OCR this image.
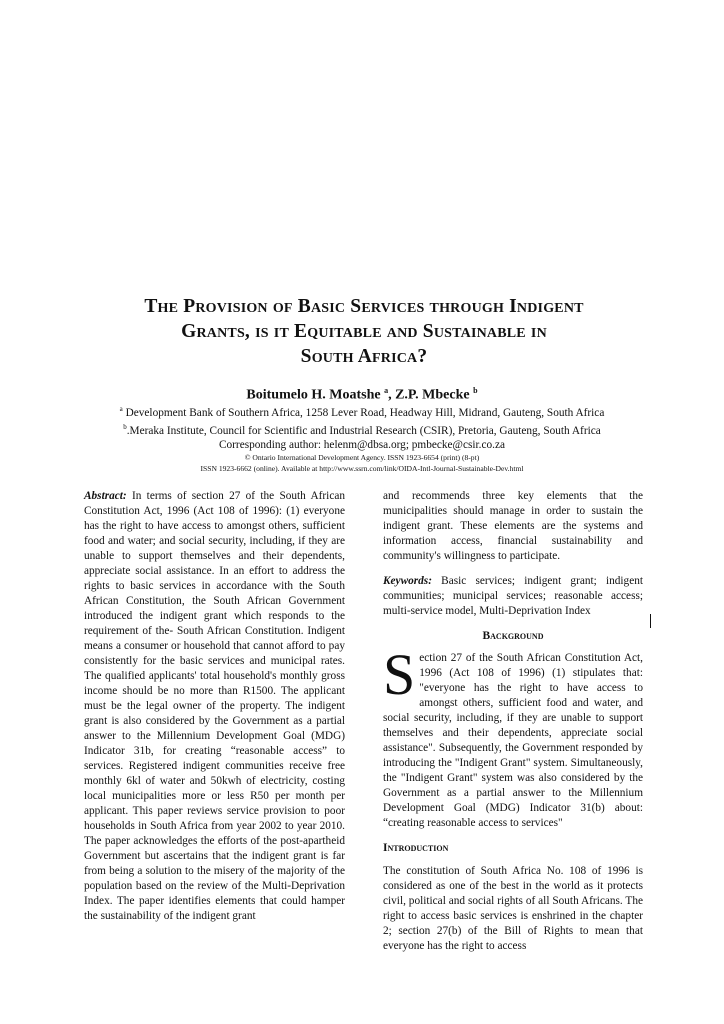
The Provision of Basic Services through Indigent
Grants, is it Equitable and Sustainable in
South Africa?
Boitumelo H. Moatshe $^a$, Z.P. Mbecke $^b$
$^a$ Development Bank of Southern Africa, 1258 Lever Road, Headway Hill, Midrand, Gauteng, South Africa
$^b$.Meraka Institute, Council for Scientific and Industrial Research (CSIR), Pretoria, Gauteng, South Africa
Corresponding author: helenm@dbsa.org; pmbecke@csir.co.za
© Ontario International Development Agency. ISSN 1923-6654 (print) (8-pt)
ISSN 1923-6662 (online). Available at http://www.ssrn.com/link/OIDA-Intl-Journal-Sustainable-Dev.html

Abstract: In terms of section 27 of the South African Constitution Act, 1996 (Act 108 of 1996): (1) everyone has the right to have access to amongst others, sufficient food and water; and social security, including, if they are unable to support themselves and their dependents, appreciate social assistance. In an effort to address the rights to basic services in accordance with the South African Constitution, the South African Government introduced the indigent grant which responds to the requirement of the- South African Constitution. Indigent means a consumer or household that cannot afford to pay consistently for the basic services and municipal rates. The qualified applicants' total household's monthly gross income should be no more than R1500. The applicant must be the legal owner of the property. The indigent grant is also considered by the Government as a partial answer to the Millennium Development Goal (MDG) Indicator 31b, for creating “reasonable access” to services. Registered indigent communities receive free monthly 6kl of water and 50kwh of electricity, costing local municipalities more or less R50 per month per applicant. This paper reviews service provision to poor households in South Africa from year 2002 to year 2010. The paper acknowledges the efforts of the post-apartheid Government but ascertains that the indigent grant is far from being a solution to the misery of the majority of the population based on the review of the Multi-Deprivation Index. The paper identifies elements that could hamper the sustainability of the indigent grant

and recommends three key elements that the municipalities should manage in order to sustain the indigent grant. These elements are the systems and information access, financial sustainability and community's willingness to participate.

Keywords: Basic services; indigent grant; indigent communities; municipal services; reasonable access; multi-service model, Multi-Deprivation Index

Background

Section 27 of the South African Constitution Act, 1996 (Act 108 of 1996) (1) stipulates that: "everyone has the right to have access to amongst others, sufficient food and water, and social security, including, if they are unable to support themselves and their dependents, appreciate social assistance". Subsequently, the Government responded by introducing the "Indigent Grant" system. Simultaneously, the "Indigent Grant" system was also considered by the Government as a partial answer to the Millennium Development Goal (MDG) Indicator 31(b) about: “creating reasonable access to services"

Introduction

The constitution of South Africa No. 108 of 1996 is considered as one of the best in the world as it protects civil, political and social rights of all South Africans. The right to access basic services is enshrined in the chapter 2; section 27(b) of the Bill of Rights to mean that everyone has the right to access
